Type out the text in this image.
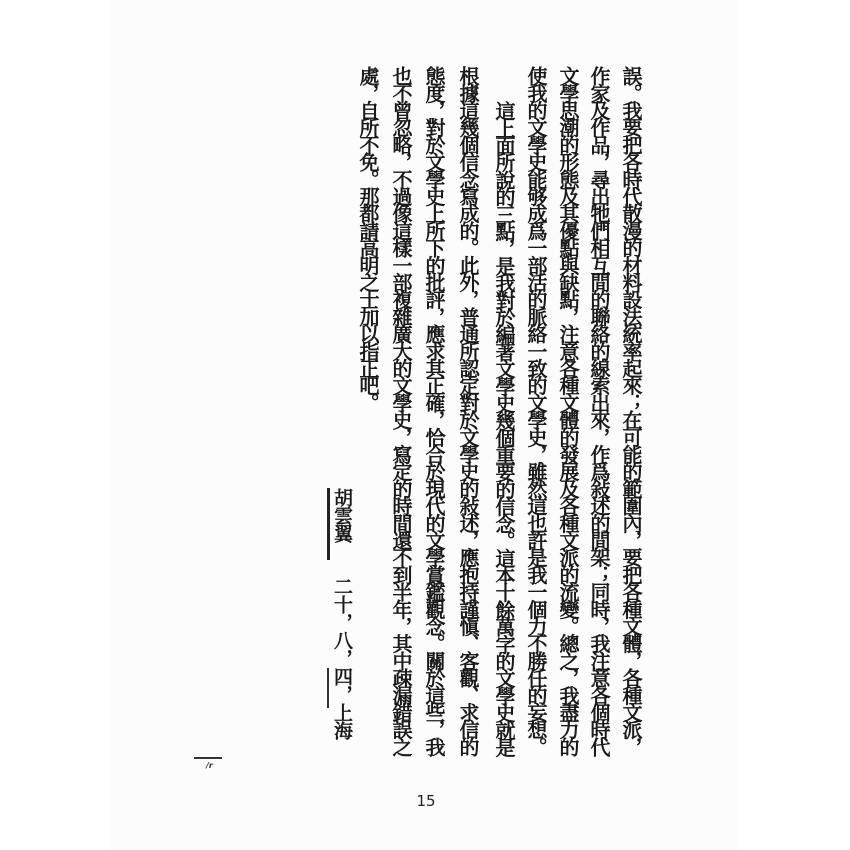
誤。我要把各時代散漫的材料設法統率起來；在可能的範圍內，要把各種文體，各種文派，
作家及作品，尋出牠們相互間的聯絡的線索出來，作爲敍述的間架；同時，我注意各個時代
文學思潮的形態及其優點與缺點，注意各種文體的發展及各種文派的流變。總之，我盡力的
使我的文學史能够成爲一部活的脈絡一致的文學史，雖然這也許是我一個力不勝任的妄想。
這上面所說的三點，是我對於編著文學史幾個重要的信念。這本十餘萬字的文學史就是
根據這幾個信念寫成的。此外，普通所認定對於文學史的敍述，應抱持謹愼、客觀、求信的
態度，對於文學史上所下的批評，應求其正確，恰合於現代的文學賞鑑觀念。關於這些，我
也不曾忽略，不過像這樣一部複雜廣大的文學史，寫定的時間還不到半年，其中疎漏錯誤之
處，自所不免。那都請高明之士加以指正吧。
胡雲翼
二十，八，四，上海
/r
15
